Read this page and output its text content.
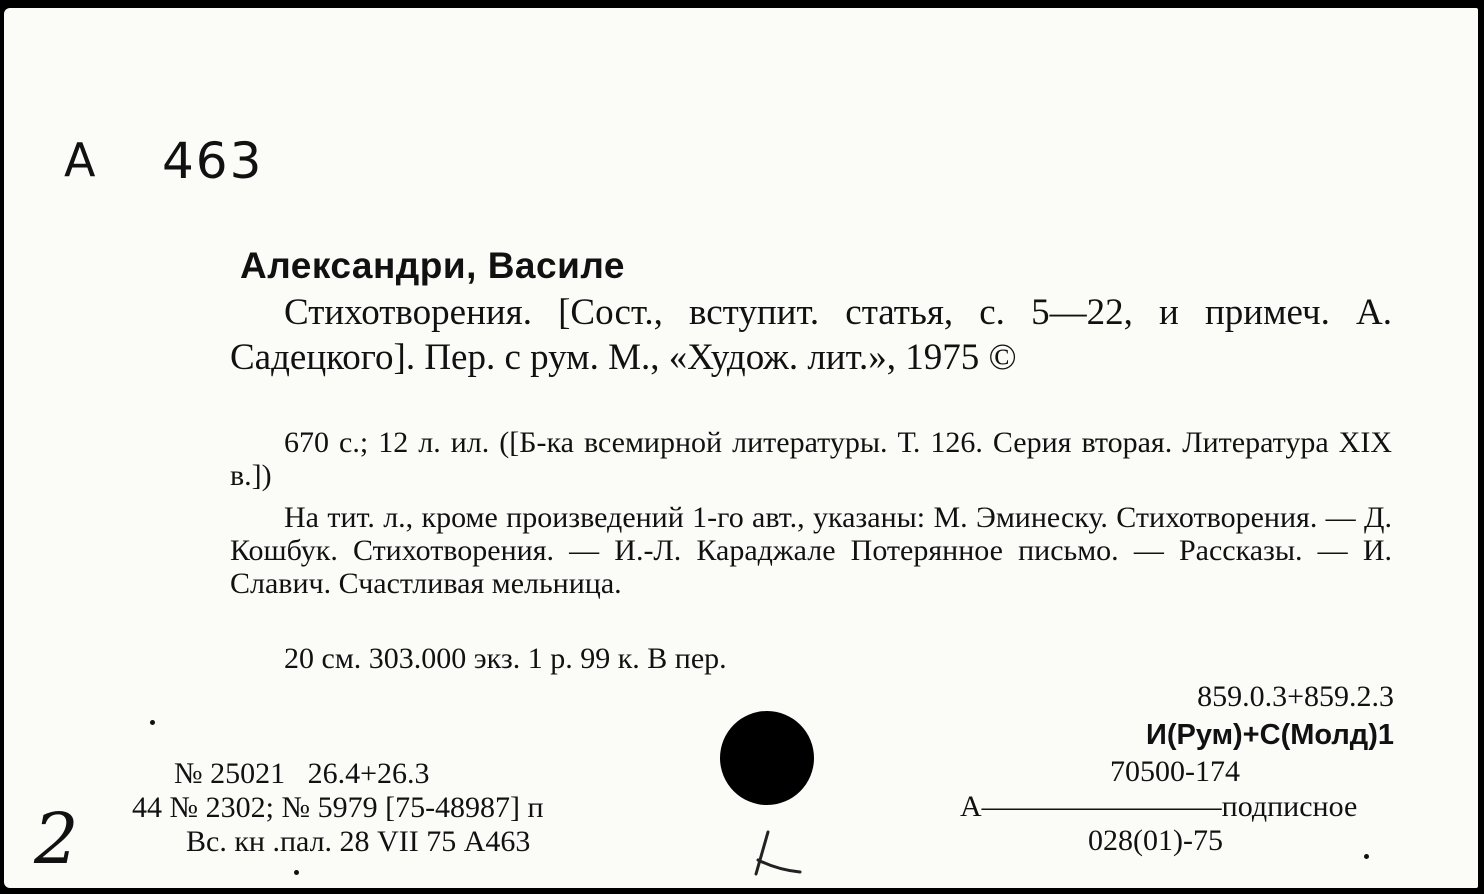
А 463
Александри, Василе
Стихотворения. [Сост., вступит. статья, с. 5—22, и примеч. А. Садецкого]. Пер. с рум. М., «Худож. лит.», 1975 ©
670 с.; 12 л. ил. ([Б-ка всемирной литературы. Т. 126. Серия вторая. Литература XIX в.])
На тит. л., кроме произведений 1-го авт., указаны: М. Эминеску. Стихотворения. — Д. Кошбук. Стихотворения. — И.-Л. Караджале Потерянное письмо. — Рассказы. — И. Славич. Счастливая мельница.
20 см. 303.000 экз. 1 р. 99 к. В пер.
859.0.3+859.2.3
И(Рум)+С(Молд)1
70500-174
А————————подписное
028(01)-75
№ 25021   26.4+26.3
44 № 2302; № 5979 [75-48987] п
Вс. кн .пал. 28 VII 75 А463
2
